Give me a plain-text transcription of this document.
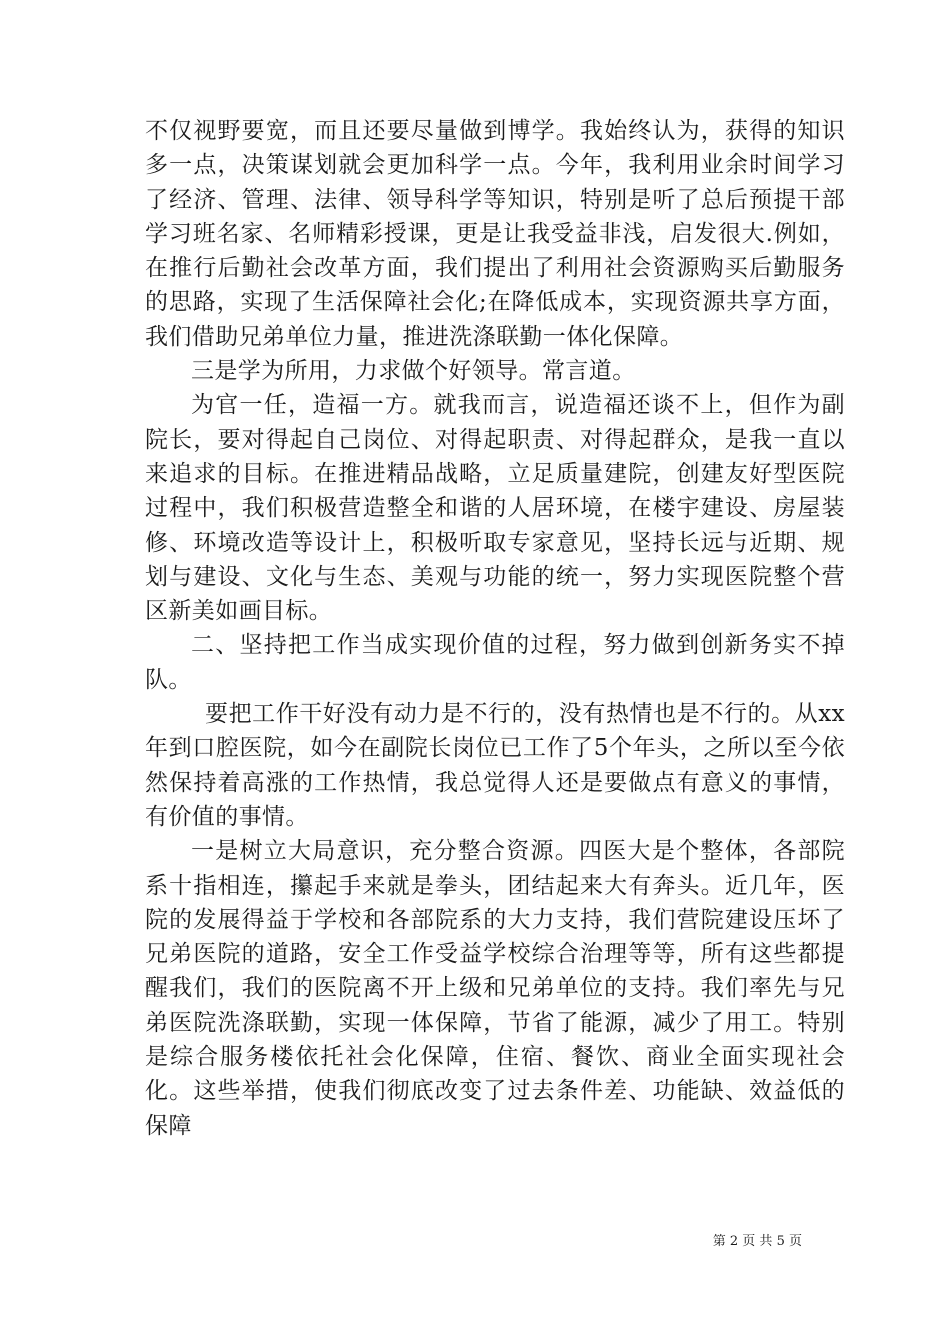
不仅视野要宽，而且还要尽量做到博学。我始终认为，获得的知识多一点，决策谋划就会更加科学一点。今年，我利用业余时间学习了经济、管理、法律、领导科学等知识，特别是听了总后预提干部学习班名家、名师精彩授课，更是让我受益非浅，启发很大.例如，在推行后勤社会改革方面，我们提出了利用社会资源购买后勤服务的思路，实现了生活保障社会化;在降低成本，实现资源共享方面，我们借助兄弟单位力量，推进洗涤联勤一体化保障。

三是学为所用，力求做个好领导。常言道。

为官一任，造福一方。就我而言，说造福还谈不上，但作为副院长，要对得起自己岗位、对得起职责、对得起群众，是我一直以来追求的目标。在推进精品战略，立足质量建院，创建友好型医院过程中，我们积极营造整全和谐的人居环境，在楼宇建设、房屋装修、环境改造等设计上，积极听取专家意见，坚持长远与近期、规划与建设、文化与生态、美观与功能的统一，努力实现医院整个营区新美如画目标。

二、坚持把工作当成实现价值的过程，努力做到创新务实不掉队。

要把工作干好没有动力是不行的，没有热情也是不行的。从xx年到口腔医院，如今在副院长岗位已工作了5个年头，之所以至今依然保持着高涨的工作热情，我总觉得人还是要做点有意义的事情，有价值的事情。

一是树立大局意识，充分整合资源。四医大是个整体，各部院系十指相连，攥起手来就是拳头，团结起来大有奔头。近几年，医院的发展得益于学校和各部院系的大力支持，我们营院建设压坏了兄弟医院的道路，安全工作受益学校综合治理等等，所有这些都提醒我们，我们的医院离不开上级和兄弟单位的支持。我们率先与兄弟医院洗涤联勤，实现一体保障，节省了能源，减少了用工。特别是综合服务楼依托社会化保障，住宿、餐饮、商业全面实现社会化。这些举措，使我们彻底改变了过去条件差、功能缺、效益低的保障

第 2 页 共 5 页
